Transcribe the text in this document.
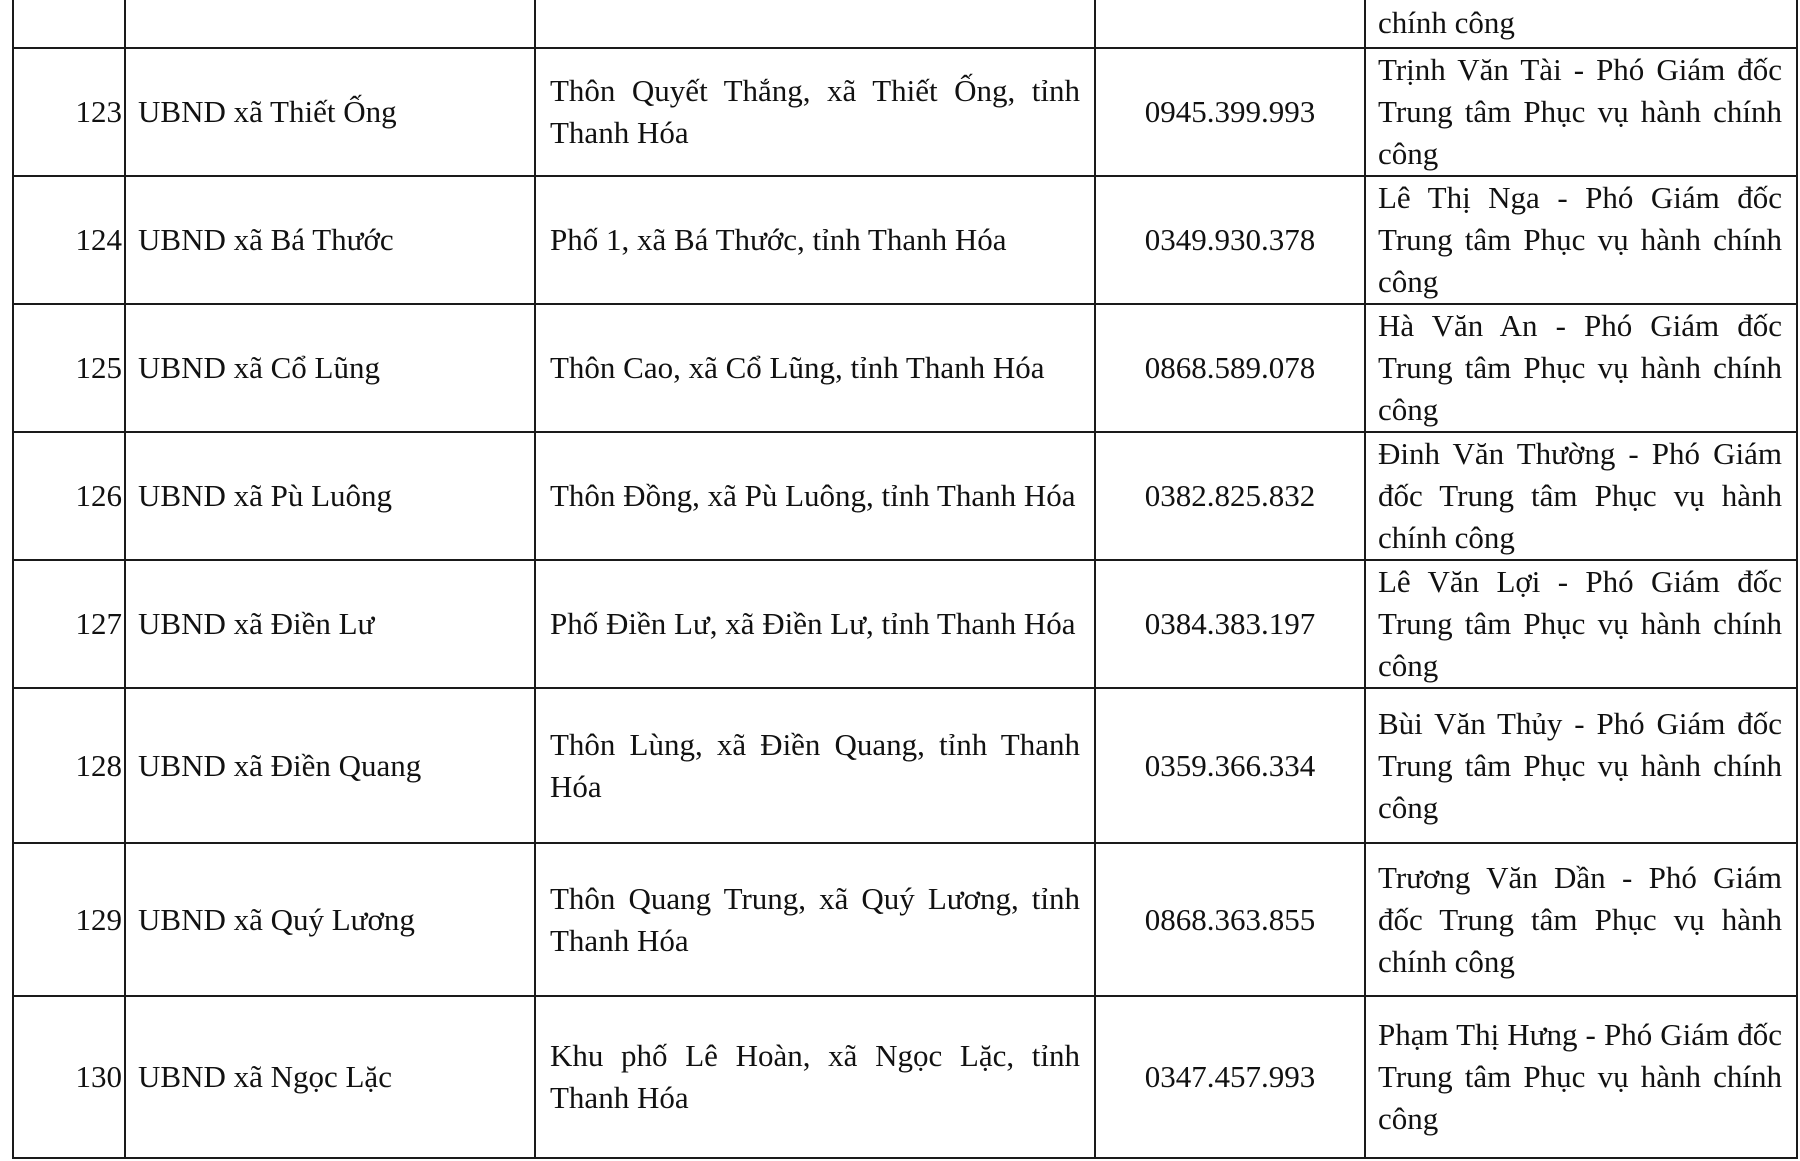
				chính công
123	UBND xã Thiết Ống	Thôn Quyết Thắng, xã Thiết Ống, tỉnh Thanh Hóa	0945.399.993	Trịnh Văn Tài - Phó Giám đốc Trung tâm Phục vụ hành chính công
124	UBND xã Bá Thước	Phố 1, xã Bá Thước, tỉnh Thanh Hóa	0349.930.378	Lê Thị Nga - Phó Giám đốc Trung tâm Phục vụ hành chính công
125	UBND xã Cổ Lũng	Thôn Cao, xã Cổ Lũng, tỉnh Thanh Hóa	0868.589.078	Hà Văn An - Phó Giám đốc Trung tâm Phục vụ hành chính công
126	UBND xã Pù Luông	Thôn Đồng, xã Pù Luông, tỉnh Thanh Hóa	0382.825.832	Đinh Văn Thường - Phó Giám đốc Trung tâm Phục vụ hành chính công
127	UBND xã Điền Lư	Phố Điền Lư, xã Điền Lư, tỉnh Thanh Hóa	0384.383.197	Lê Văn Lợi - Phó Giám đốc Trung tâm Phục vụ hành chính công
128	UBND xã Điền Quang	Thôn Lùng, xã Điền Quang, tỉnh Thanh Hóa	0359.366.334	Bùi Văn Thủy - Phó Giám đốc Trung tâm Phục vụ hành chính công
129	UBND xã Quý Lương	Thôn Quang Trung, xã Quý Lương, tỉnh Thanh Hóa	0868.363.855	Trương Văn Dần - Phó Giám đốc Trung tâm Phục vụ hành chính công
130	UBND xã Ngọc Lặc	Khu phố Lê Hoàn, xã Ngọc Lặc, tỉnh Thanh Hóa	0347.457.993	Phạm Thị Hưng - Phó Giám đốc Trung tâm Phục vụ hành chính công
